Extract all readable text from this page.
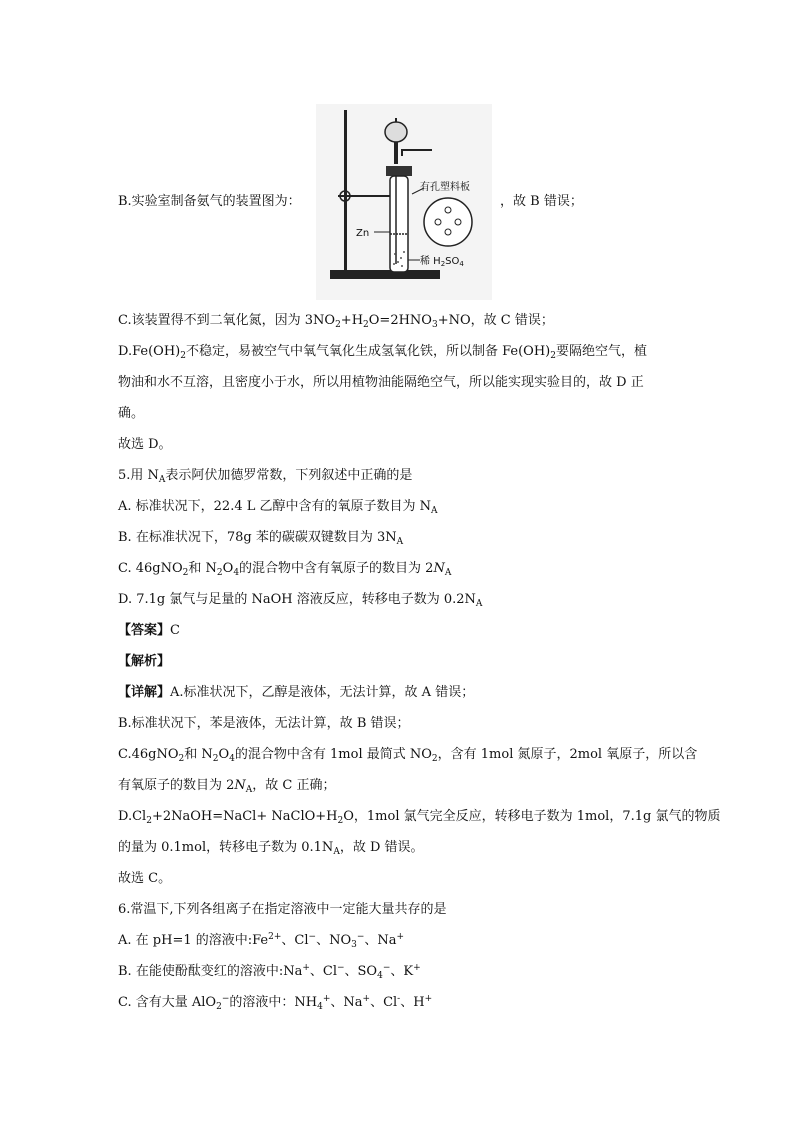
B.实验室制备氨气的装置图为：	，故 B 错误；
Zn
稀 $H_2SO_4$
有孔塑料板
C.该装置得不到二氧化氮，因为 $3NO_2+H_2O=2HNO_3+NO$，故 C 错误；
$D.Fe(OH)_2$不稳定，易被空气中氧气氧化生成氢氧化铁，所以制备 $Fe(OH)_2$要隔绝空气，植
物油和水不互溶，且密度小于水，所以用植物油能隔绝空气，所以能实现实验目的，故 D 正
确。
故选 D。
5.用 $N_A$表示阿伏加德罗常数，下列叙述中正确的是
A. 标准状况下，22.4 L 乙醇中含有的氧原子数目为 $N_A$
B. 在标准状况下，78g 苯的碳碳双键数目为 $3N_A$
C. 46gNO$_2$和 $N_2O_4$的混合物中含有氧原子的数目为 $2N_A$
D. 7.1g 氯气与足量的 NaOH 溶液反应，转移电子数为 $0.2N_A$
【答案】C
【解析】
【详解】A.标准状况下，乙醇是液体，无法计算，故 A 错误；
B.标准状况下，苯是液体，无法计算，故 B 错误；
C.46gNO$_2$和 $N_2O_4$的混合物中含有 1mol 最简式 $NO_2$，含有 1mol 氮原子，2mol 氧原子，所以含
有氧原子的数目为 $2N_A$，故 C 正确；
$D.Cl_2+2NaOH=NaCl+$ $NaClO+H_2O$，1mol 氯气完全反应，转移电子数为 1mol，7.1g 氯气的物质
的量为 0.1mol，转移电子数为 $0.1N_A$，故 D 错误。
故选 C。
6.常温下,下列各组离子在指定溶液中一定能大量共存的是
A. 在 pH=1 的溶液中$:Fe^{2+}$、Cl−、$NO_3^-$、Na+
B. 在能使酚酞变红的溶液中:Na+、Cl−、$SO_4^-$、K+
C. 含有大量 AlO$_2$−的溶液中：$NH_4^+$、Na+、Cl-、H+
